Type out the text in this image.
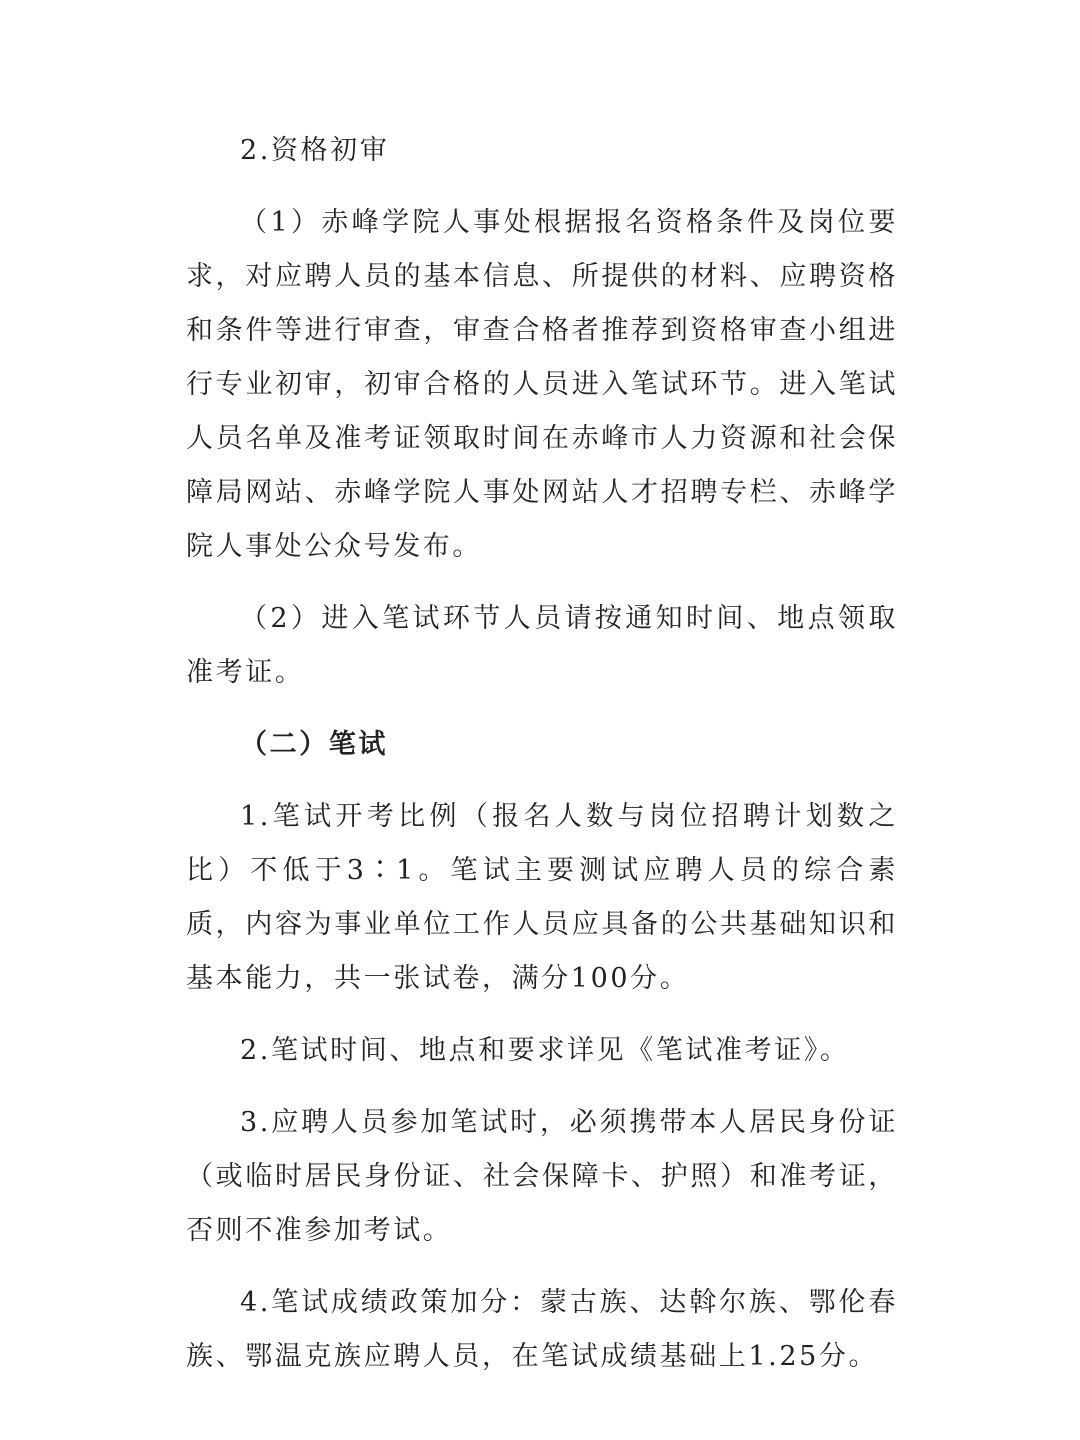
2.资格初审

（1）赤峰学院人事处根据报名资格条件及岗位要求，对应聘人员的基本信息、所提供的材料、应聘资格和条件等进行审查，审查合格者推荐到资格审查小组进行专业初审，初审合格的人员进入笔试环节。进入笔试人员名单及准考证领取时间在赤峰市人力资源和社会保障局网站、赤峰学院人事处网站人才招聘专栏、赤峰学院人事处公众号发布。

（2）进入笔试环节人员请按通知时间、地点领取准考证。

（二）笔试

1.笔试开考比例（报名人数与岗位招聘计划数之比）不低于3∶1。笔试主要测试应聘人员的综合素质，内容为事业单位工作人员应具备的公共基础知识和基本能力，共一张试卷，满分100分。

2.笔试时间、地点和要求详见《笔试准考证》。

3.应聘人员参加笔试时，必须携带本人居民身份证（或临时居民身份证、社会保障卡、护照）和准考证，否则不准参加考试。

4.笔试成绩政策加分：蒙古族、达斡尔族、鄂伦春族、鄂温克族应聘人员，在笔试成绩基础上1.25分。
